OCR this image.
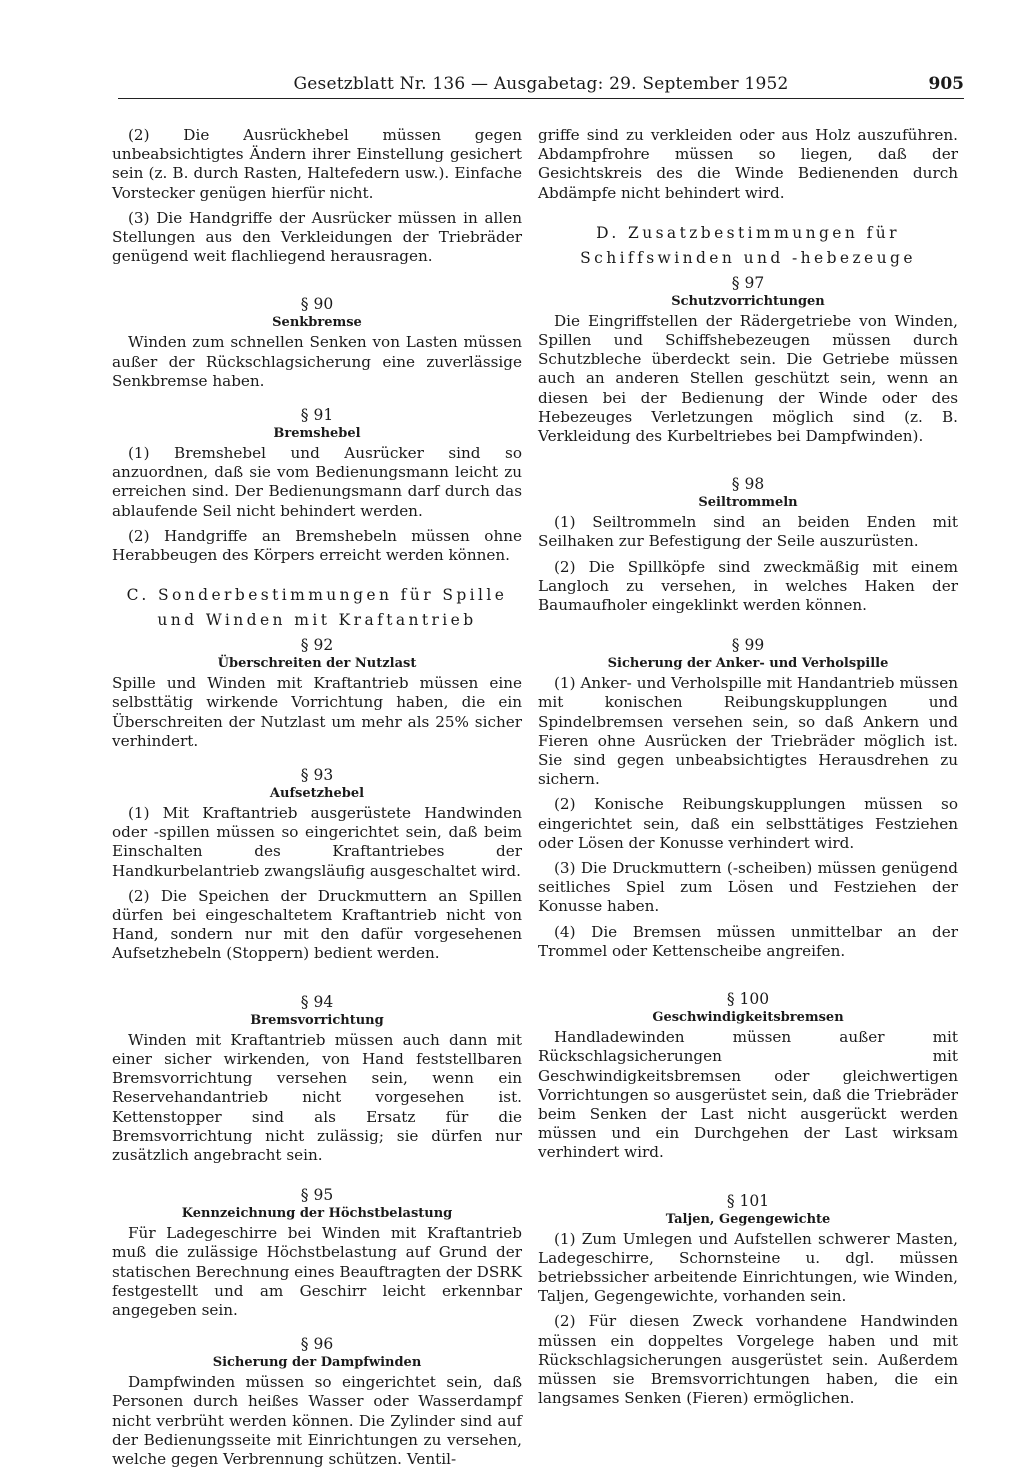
Gesetzblatt Nr. 136 — Ausgabetag: 29. September 1952	905

(2) Die Ausrückhebel müssen gegen unbeabsichtigtes Ändern ihrer Einstellung gesichert sein (z. B. durch Rasten, Haltefedern usw.). Einfache Vorstecker genügen hierfür nicht.

(3) Die Handgriffe der Ausrücker müssen in allen Stellungen aus den Verkleidungen der Triebräder genügend weit flachliegend herausragen.

§ 90

Senkbremse

Winden zum schnellen Senken von Lasten müssen außer der Rückschlagsicherung eine zuverlässige Senkbremse haben.

§ 91

Bremshebel

(1) Bremshebel und Ausrücker sind so anzuordnen, daß sie vom Bedienungsmann leicht zu erreichen sind. Der Bedienungsmann darf durch das ablaufende Seil nicht behindert werden.

(2) Handgriffe an Bremshebeln müssen ohne Herabbeugen des Körpers erreicht werden können.

C. Sonderbestimmungen für Spille

und Winden mit Kraftantrieb

§ 92

Überschreiten der Nutzlast

Spille und Winden mit Kraftantrieb müssen eine selbsttätig wirkende Vorrichtung haben, die ein Überschreiten der Nutzlast um mehr als 25% sicher verhindert.

§ 93

Aufsetzhebel

(1) Mit Kraftantrieb ausgerüstete Handwinden oder -spillen müssen so eingerichtet sein, daß beim Einschalten des Kraftantriebes der Handkurbelantrieb zwangsläufig ausgeschaltet wird.

(2) Die Speichen der Druckmuttern an Spillen dürfen bei eingeschaltetem Kraftantrieb nicht von Hand, sondern nur mit den dafür vorgesehenen Aufsetzhebeln (Stoppern) bedient werden.

§ 94

Bremsvorrichtung

Winden mit Kraftantrieb müssen auch dann mit einer sicher wirkenden, von Hand feststellbaren Bremsvorrichtung versehen sein, wenn ein Reservehandantrieb nicht vorgesehen ist. Kettenstopper sind als Ersatz für die Bremsvorrichtung nicht zulässig; sie dürfen nur zusätzlich angebracht sein.

§ 95

Kennzeichnung der Höchstbelastung

Für Ladegeschirre bei Winden mit Kraftantrieb muß die zulässige Höchstbelastung auf Grund der statischen Berechnung eines Beauftragten der DSRK festgestellt und am Geschirr leicht erkennbar angegeben sein.

§ 96

Sicherung der Dampfwinden

Dampfwinden müssen so eingerichtet sein, daß Personen durch heißes Wasser oder Wasserdampf nicht verbrüht werden können. Die Zylinder sind auf der Bedienungsseite mit Einrichtungen zu versehen, welche gegen Verbrennung schützen. Ventil-

griffe sind zu verkleiden oder aus Holz auszuführen. Abdampfrohre müssen so liegen, daß der Gesichtskreis des die Winde Bedienenden durch Abdämpfe nicht behindert wird.

D. Zusatzbestimmungen für

Schiffswinden und -hebezeuge

§ 97

Schutzvorrichtungen

Die Eingriffstellen der Rädergetriebe von Winden, Spillen und Schiffshebezeugen müssen durch Schutzbleche überdeckt sein. Die Getriebe müssen auch an anderen Stellen geschützt sein, wenn an diesen bei der Bedienung der Winde oder des Hebezeuges Verletzungen möglich sind (z. B. Verkleidung des Kurbeltriebes bei Dampfwinden).

§ 98

Seiltrommeln

(1) Seiltrommeln sind an beiden Enden mit Seilhaken zur Befestigung der Seile auszurüsten.

(2) Die Spillköpfe sind zweckmäßig mit einem Langloch zu versehen, in welches Haken der Baumaufholer eingeklinkt werden können.

§ 99

Sicherung der Anker- und Verholspille

(1) Anker- und Verholspille mit Handantrieb müssen mit konischen Reibungskupplungen und Spindelbremsen versehen sein, so daß Ankern und Fieren ohne Ausrücken der Triebräder möglich ist. Sie sind gegen unbeabsichtigtes Herausdrehen zu sichern.

(2) Konische Reibungskupplungen müssen so eingerichtet sein, daß ein selbsttätiges Festziehen oder Lösen der Konusse verhindert wird.

(3) Die Druckmuttern (-scheiben) müssen genügend seitliches Spiel zum Lösen und Festziehen der Konusse haben.

(4) Die Bremsen müssen unmittelbar an der Trommel oder Kettenscheibe angreifen.

§ 100

Geschwindigkeitsbremsen

Handladewinden müssen außer mit Rückschlagsicherungen mit Geschwindigkeitsbremsen oder gleichwertigen Vorrichtungen so ausgerüstet sein, daß die Triebräder beim Senken der Last nicht ausgerückt werden müssen und ein Durchgehen der Last wirksam verhindert wird.

§ 101

Taljen, Gegengewichte

(1) Zum Umlegen und Aufstellen schwerer Masten, Ladegeschirre, Schornsteine u. dgl. müssen betriebssicher arbeitende Einrichtungen, wie Winden, Taljen, Gegengewichte, vorhanden sein.

(2) Für diesen Zweck vorhandene Handwinden müssen ein doppeltes Vorgelege haben und mit Rückschlagsicherungen ausgerüstet sein. Außerdem müssen sie Bremsvorrichtungen haben, die ein langsames Senken (Fieren) ermöglichen.
